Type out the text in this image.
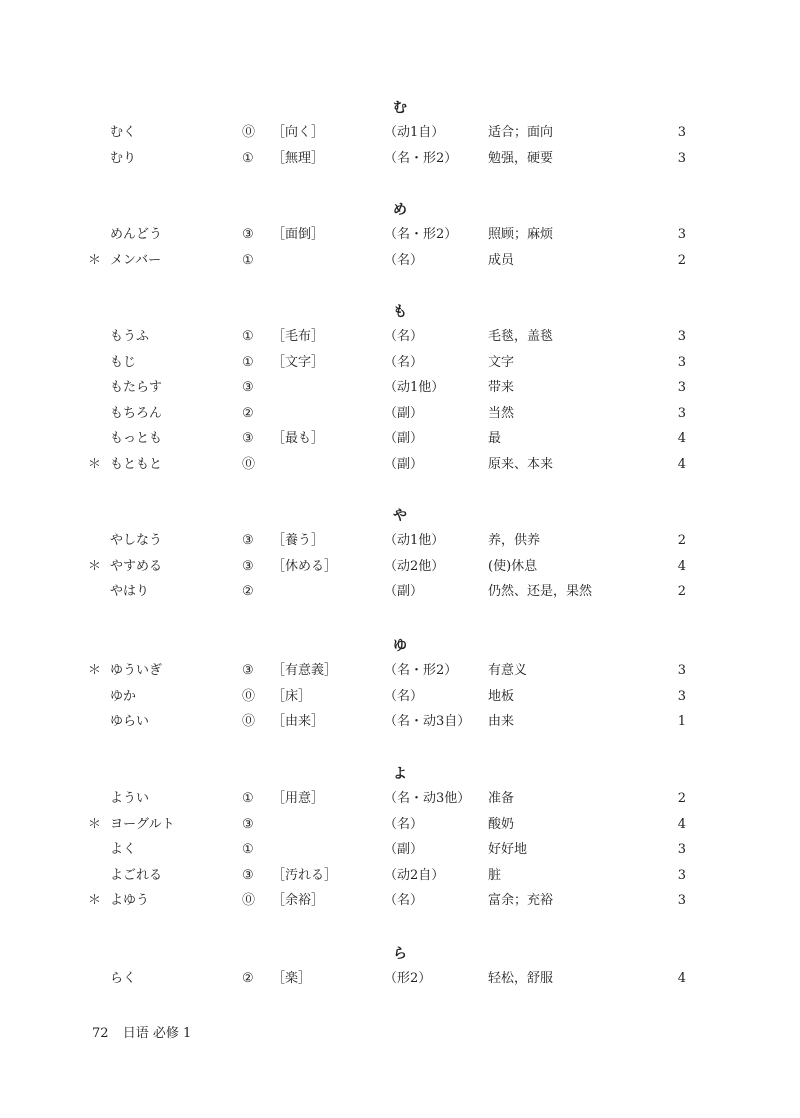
む
むく	⓪ ［向く］	（动1自）	适合；面向	3
むり	① ［無理］	（名・形2） 勉强，硬要	3
め
めんどう	③ ［面倒］	（名・形2） 照顾；麻烦	3
＊ メンバー	①	（名）	成员	2
も
もうふ	① ［毛布］	（名）	毛毯，盖毯	3
もじ	① ［文字］	（名）	文字	3
もたらす	③	（动1他）	带来	3
もちろん	②	（副）	当然	3
もっとも	③ ［最も］	（副）	最	4
＊ もともと	⓪	（副）	原来、本来	4
や
やしなう	③ ［養う］	（动1他）	养，供养	2
＊ やすめる	③ ［休める］	（动2他）	(使)休息	4
やはり	②	（副）	仍然、还是，果然	2
ゆ
＊ ゆういぎ	③ ［有意義］	（名・形2） 有意义	3
ゆか	⓪ ［床］	（名）	地板	3
ゆらい	⓪ ［由来］	（名・动3自） 由来	1
よ
ようい	① ［用意］	（名・动3他） 准备	2
＊ ヨーグルト	③	（名）	酸奶	4
よく	①	（副）	好好地	3
よごれる	③ ［汚れる］	（动2自）	脏	3
＊ よゆう	⓪ ［余裕］	（名）	富余；充裕	3
ら
らく	② ［楽］	（形2）	轻松，舒服	4
72 日语 必修 1
